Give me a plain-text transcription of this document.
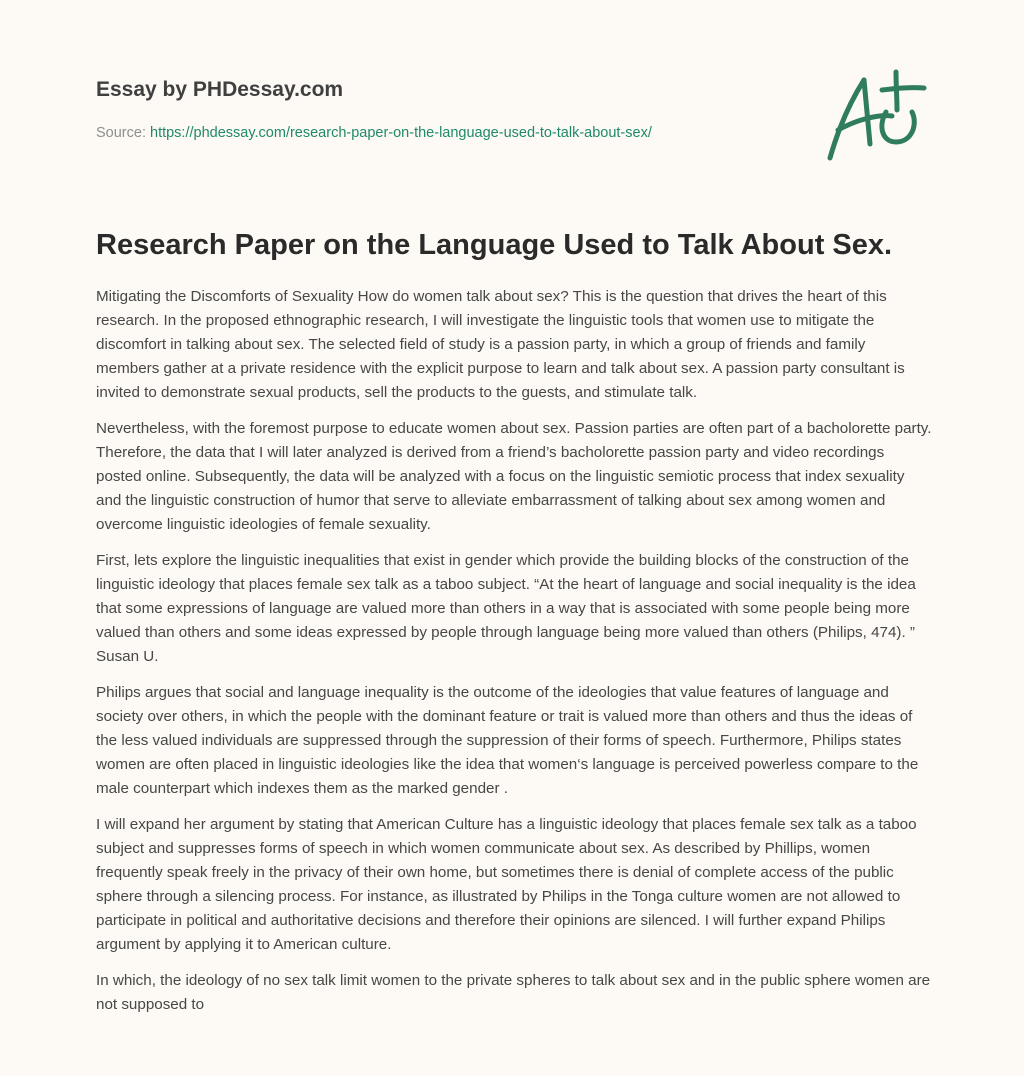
Essay by PHDessay.com
Source: https://phdessay.com/research-paper-on-the-language-used-to-talk-about-sex/
Research Paper on the Language Used to Talk About Sex.

Mitigating the Discomforts of Sexuality How do women talk about sex? This is the question that drives the heart of this research. In the proposed ethnographic research, I will investigate the linguistic tools that women use to mitigate the discomfort in talking about sex. The selected field of study is a passion party, in which a group of friends and family members gather at a private residence with the explicit purpose to learn and talk about sex. A passion party consultant is invited to demonstrate sexual products, sell the products to the guests, and stimulate talk.

Nevertheless, with the foremost purpose to educate women about sex. Passion parties are often part of a bacholorette party. Therefore, the data that I will later analyzed is derived from a friend’s bacholorette passion party and video recordings posted online. Subsequently, the data will be analyzed with a focus on the linguistic semiotic process that index sexuality and the linguistic construction of humor that serve to alleviate embarrassment of talking about sex among women and overcome linguistic ideologies of female sexuality.

First, lets explore the linguistic inequalities that exist in gender which provide the building blocks of the construction of the linguistic ideology that places female sex talk as a taboo subject. “At the heart of language and social inequality is the idea that some expressions of language are valued more than others in a way that is associated with some people being more valued than others and some ideas expressed by people through language being more valued than others (Philips, 474). ” Susan U.

Philips argues that social and language inequality is the outcome of the ideologies that value features of language and society over others, in which the people with the dominant feature or trait is valued more than others and thus the ideas of the less valued individuals are suppressed through the suppression of their forms of speech. Furthermore, Philips states women are often placed in linguistic ideologies like the idea that women‘s language is perceived powerless compare to the male counterpart which indexes them as the marked gender .

I will expand her argument by stating that American Culture has a linguistic ideology that places female sex talk as a taboo subject and suppresses forms of speech in which women communicate about sex. As described by Phillips, women frequently speak freely in the privacy of their own home, but sometimes there is denial of complete access of the public sphere through a silencing process. For instance, as illustrated by Philips in the Tonga culture women are not allowed to participate in political and authoritative decisions and therefore their opinions are silenced. I will further expand Philips argument by applying it to American culture.

In which, the ideology of no sex talk limit women to the private spheres to talk about sex and in the public sphere women are not supposed to
